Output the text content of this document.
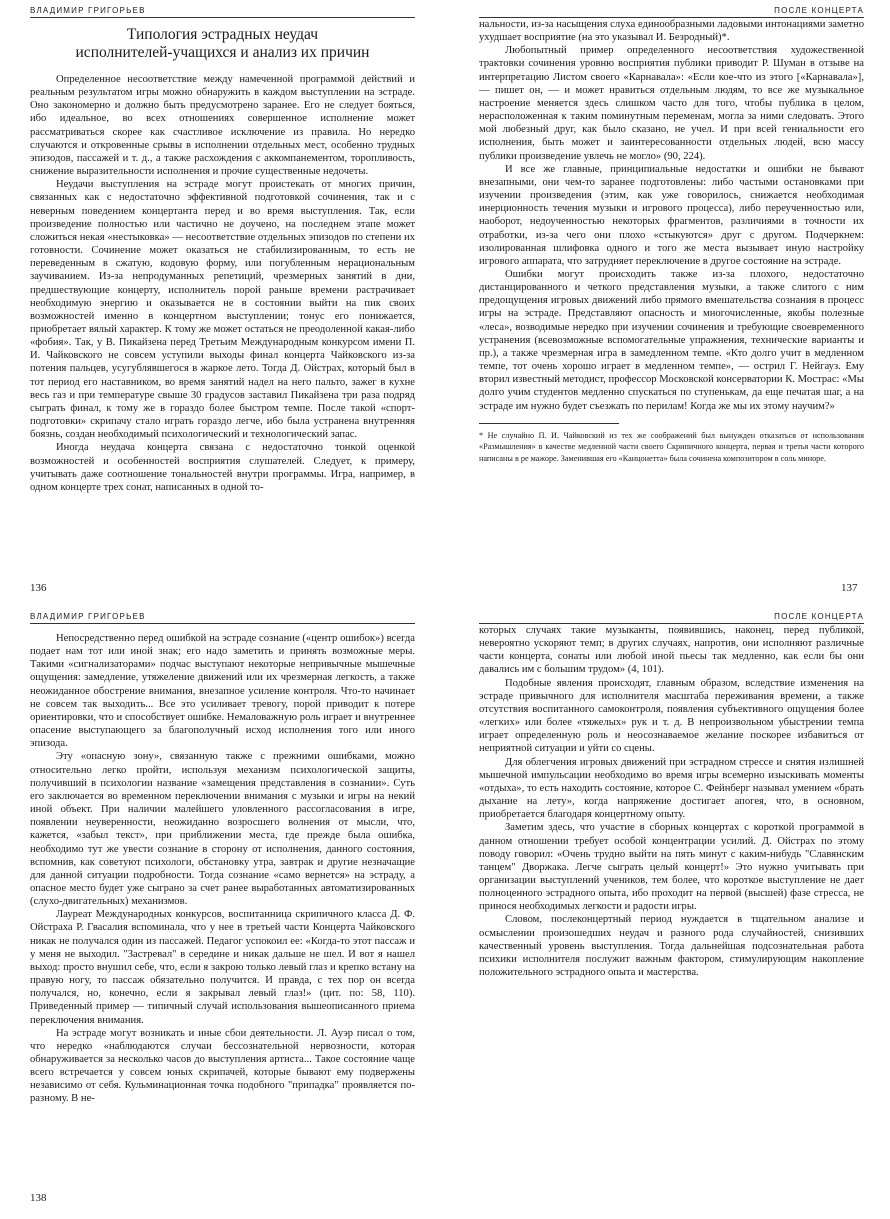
ВЛАДИМИР ГРИГОРЬЕВ
Типология эстрадных неудач
исполнителей-учащихся и анализ их причин

Определенное несоответствие между намеченной программой действий и реальным результатом игры можно обнаружить в каждом выступлении на эстраде. Оно закономерно и должно быть предусмотрено заранее. Его не следует бояться, ибо идеальное, во всех отношениях совершенное исполнение может рассматриваться скорее как счастливое исключение из правила. Но нередко случаются и откровенные срывы в исполнении отдельных мест, особенно трудных эпизодов, пассажей и т. д., а также расхождения с аккомпанементом, торопливость, снижение выразительности исполнения и прочие существенные недочеты.

Неудачи выступления на эстраде могут проистекать от многих причин, связанных как с недостаточно эффективной подготовкой сочинения, так и с неверным поведением концертанта перед и во время выступления. Так, если произведение полностью или частично не доучено, на последнем этапе может сложиться некая «нестыковка» — несоответствие отдельных эпизодов по степени их готовности. Сочинение может оказаться не стабилизированным, то есть не переведенным в сжатую, кодовую форму, или погубленным нерациональным заучиванием. Из-за непродуманных репетиций, чрезмерных занятий в дни, предшествующие концерту, исполнитель порой раньше времени растрачивает необходимую энергию и оказывается не в состоянии выйти на пик своих возможностей именно в концертном выступлении; тонус его понижается, приобретает вялый характер. К тому же может остаться не преодоленной какая-либо «фобия». Так, у В. Пикайзена перед Третьим Международным конкурсом имени П. И. Чайковского не совсем уступили выходы финал концерта Чайковского из-за потения пальцев, усугублявшегося в жаркое лето. Тогда Д. Ойстрах, который был в тот период его наставником, во время занятий надел на него пальто, зажег в кухне весь газ и при температуре свыше 30 градусов заставил Пикайзена три раза подряд сыграть финал, к тому же в гораздо более быстром темпе. После такой «спорт-подготовки» скрипачу стало играть гораздо легче, ибо была устранена внутренняя боязнь, создан необходимый психологический и технологический запас.

Иногда неудача концерта связана с недостаточно тонкой оценкой возможностей и особенностей восприятия слушателей. Следует, к примеру, учитывать даже соотношение тональностей внутри программы. Игра, например, в одном концерте трех сонат, написанных в одной то-

136
ПОСЛЕ КОНЦЕРТА

нальности, из-за насыщения слуха единообразными ладовыми интонациями заметно ухудшает восприятие (на это указывал И. Безродный)*.

Любопытный пример определенного несоответствия художественной трактовки сочинения уровню восприятия публики приводит Р. Шуман в отзыве на интерпретацию Листом своего «Карнавала»: «Если кое-что из этого [«Карнавала»], — пишет он, — и может нравиться отдельным людям, то все же музыкальное настроение меняется здесь слишком часто для того, чтобы публика в целом, нерасположенная к таким поминутным переменам, могла за ними следовать. Этого мой любезный друг, как было сказано, не учел. И при всей гениальности его исполнения, быть может и заинтересованности отдельных людей, всю массу публики произведение увлечь не могло» (90, 224).

И все же главные, принципиальные недостатки и ошибки не бывают внезапными, они чем-то заранее подготовлены: либо частыми остановками при изучении произведения (этим, как уже говорилось, снижается необходимая инерционность течения музыки и игрового процесса), либо переученностью или, наоборот, недоученностью некоторых фрагментов, различиями в точности их отработки, из-за чего они плохо «стыкуются» друг с другом. Подчеркнем: изолированная шлифовка одного и того же места вызывает иную настройку игрового аппарата, что затрудняет переключение в другое состояние на эстраде.

Ошибки могут происходить также из-за плохого, недостаточно дистанцированного и четкого представления музыки, а также слитого с ним предощущения игровых движений либо прямого вмешательства сознания в процесс игры на эстраде. Представляют опасность и многочисленные, якобы полезные «леса», возводимые нередко при изучении сочинения и требующие своевременного устранения (всевозможные вспомогательные упражнения, технические варианты и пр.), а также чрезмерная игра в замедленном темпе. «Кто долго учит в медленном темпе, тот очень хорошо играет в медленном темпе», — острил Г. Нейгауз. Ему вторил известный методист, профессор Московской консерватории К. Мострас: «Мы долго учим студентов медленно спускаться по ступенькам, да еще печатая шаг, а на эстраде им нужно будет съезжать по перилам! Когда же мы их этому научим?»

* Не случайно П. И. Чайковский из тех же соображений был вынужден отказаться от использования «Размышления» в качестве медленной части своего Скрипичного концерта, первая и третья части которого написаны в ре мажоре. Заменившая его «Канцонетта» была сочинена композитором в соль миноре.

137
ВЛАДИМИР ГРИГОРЬЕВ

Непосредственно перед ошибкой на эстраде сознание («центр ошибок») всегда подает нам тот или иной знак; его надо заметить и принять возможные меры. Такими «сигнализаторами» подчас выступают некоторые непривычные мышечные ощущения: замедление, утяжеление движений или их чрезмерная легкость, а также неожиданное обострение внимания, внезапное усиление контроля. Что-то начинает не совсем так выходить... Все это усиливает тревогу, порой приводит к потере ориентировки, что и способствует ошибке. Немаловажную роль играет и внутреннее опасение выступающего за благополучный исход исполнения того или иного эпизода.

Эту «опасную зону», связанную также с прежними ошибками, можно относительно легко пройти, используя механизм психологической защиты, получивший в психологии название «замещения представления в сознании». Суть его заключается во временном переключении внимания с музыки и игры на некий иной объект. При наличии малейшего уловленного рассогласования в игре, появлении неуверенности, неожиданно возросшего волнения от мысли, что, кажется, «забыл текст», при приближении места, где прежде была ошибка, необходимо тут же увести сознание в сторону от исполнения, данного состояния, вспомнив, как советуют психологи, обстановку утра, завтрак и другие незначащие для данной ситуации подробности. Тогда сознание «само вернется» на эстраду, а опасное место будет уже сыграно за счет ранее выработанных автоматизированных (слухо-двигательных) механизмов.

Лауреат Международных конкурсов, воспитанница скрипичного класса Д. Ф. Ойстраха Р. Гвасалия вспоминала, что у нее в третьей части Концерта Чайковского никак не получался один из пассажей. Педагог успокоил ее: «Когда-то этот пассаж и у меня не выходил. "Застревал" в середине и никак дальше не шел. И вот я нашел выход: просто внушил себе, что, если я закрою только левый глаз и крепко встану на правую ногу, то пассаж обязательно получится. И правда, с тех пор он всегда получался, но, конечно, если я закрывал левый глаз!» (цит. по: 58, 110). Приведенный пример — типичный случай использования вышеописанного приема переключения внимания.

На эстраде могут возникать и иные сбои деятельности. Л. Ауэр писал о том, что нередко «наблюдаются случаи бессознательной нервозности, которая обнаруживается за несколько часов до выступления артиста... Такое состояние чаще всего встречается у совсем юных скрипачей, которые бывают ему подвержены независимо от себя. Кульминационная точка подобного "припадка" проявляется по-разному. В не-

138
ПОСЛЕ КОНЦЕРТА

которых случаях такие музыканты, появившись, наконец, перед публикой, невероятно ускоряют темп; в других случаях, напротив, они исполняют различные части концерта, сонаты или любой иной пьесы так медленно, как если бы они давались им с большим трудом» (4, 101).

Подобные явления происходят, главным образом, вследствие изменения на эстраде привычного для исполнителя масштаба переживания времени, а также отсутствия воспитанного самоконтроля, появления субъективного ощущения более «легких» или более «тяжелых» рук и т. д. В непроизвольном убыстрении темпа играет определенную роль и неосознаваемое желание поскорее избавиться от неприятной ситуации и уйти со сцены.

Для облегчения игровых движений при эстрадном стрессе и снятия излишней мышечной импульсации необходимо во время игры всемерно изыскивать моменты «отдыха», то есть находить состояние, которое С. Фейнберг называл умением «брать дыхание на лету», когда напряжение достигает апогея, что, в основном, приобретается благодаря концертному опыту.

Заметим здесь, что участие в сборных концертах с короткой программой в данном отношении требует особой концентрации усилий. Д. Ойстрах по этому поводу говорил: «Очень трудно выйти на пять минут с каким-нибудь "Славянским танцем" Дворжака. Легче сыграть целый концерт!» Это нужно учитывать при организации выступлений учеников, тем более, что короткое выступление не дает полноценного эстрадного опыта, ибо проходит на первой (высшей) фазе стресса, не принося необходимых легкости и радости игры.

Словом, послеконцертный период нуждается в тщательном анализе и осмыслении произошедших неудач и разного рода случайностей, снизивших качественный уровень выступления. Тогда дальнейшая подсознательная работа психики исполнителя послужит важным фактором, стимулирующим накопление положительного эстрадного опыта и мастерства.
